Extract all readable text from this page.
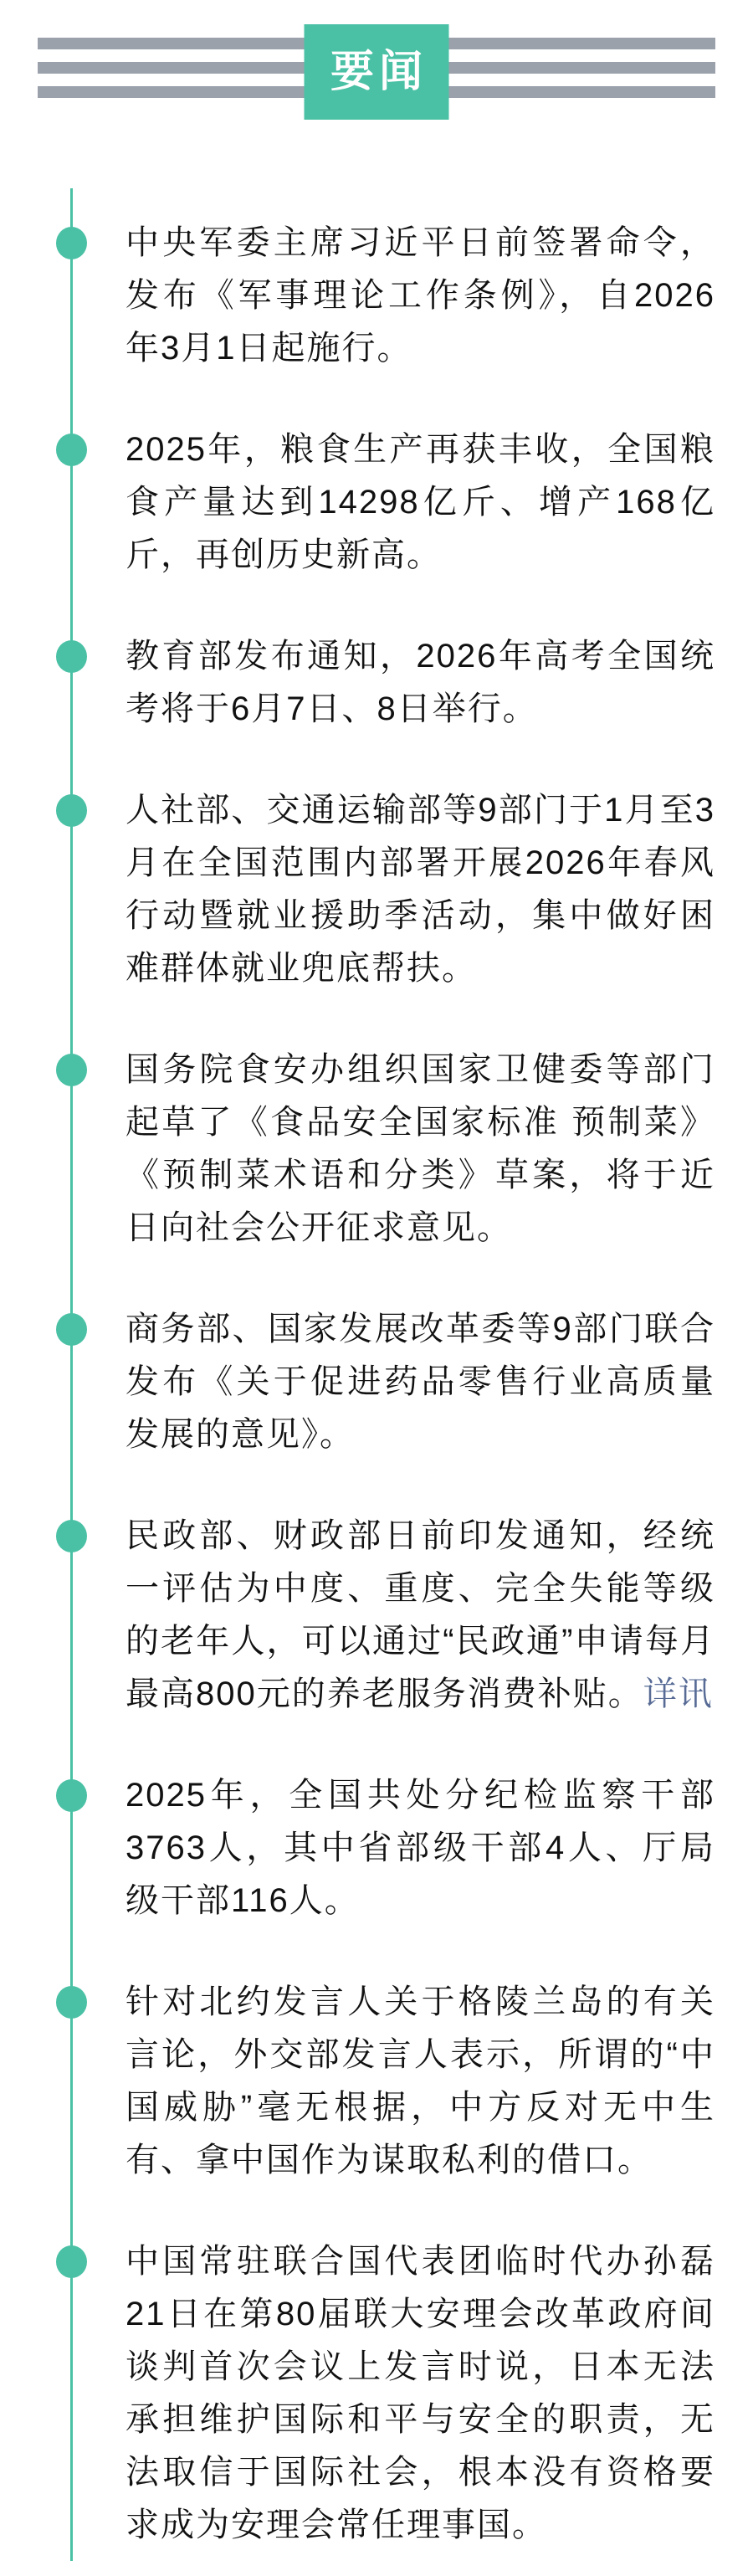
要闻

中央军委主席习近平日前签署命令，发布《军事理论工作条例》，自2026年3月1日起施行。

2025年，粮食生产再获丰收，全国粮食产量达到14298亿斤、增产168亿斤，再创历史新高。

教育部发布通知，2026年高考全国统考将于6月7日、8日举行。

人社部、交通运输部等9部门于1月至3月在全国范围内部署开展2026年春风行动暨就业援助季活动，集中做好困难群体就业兜底帮扶。

国务院食安办组织国家卫健委等部门起草了《食品安全国家标准 预制菜》《预制菜术语和分类》草案，将于近日向社会公开征求意见。

商务部、国家发展改革委等9部门联合发布《关于促进药品零售行业高质量发展的意见》。

民政部、财政部日前印发通知，经统一评估为中度、重度、完全失能等级的老年人，可以通过“民政通”申请每月最高800元的养老服务消费补贴。详讯

2025年，全国共处分纪检监察干部3763人，其中省部级干部4人、厅局级干部116人。

针对北约发言人关于格陵兰岛的有关言论，外交部发言人表示，所谓的“中国威胁”毫无根据，中方反对无中生有、拿中国作为谋取私利的借口。

中国常驻联合国代表团临时代办孙磊21日在第80届联大安理会改革政府间谈判首次会议上发言时说，日本无法承担维护国际和平与安全的职责，无法取信于国际社会，根本没有资格要求成为安理会常任理事国。
